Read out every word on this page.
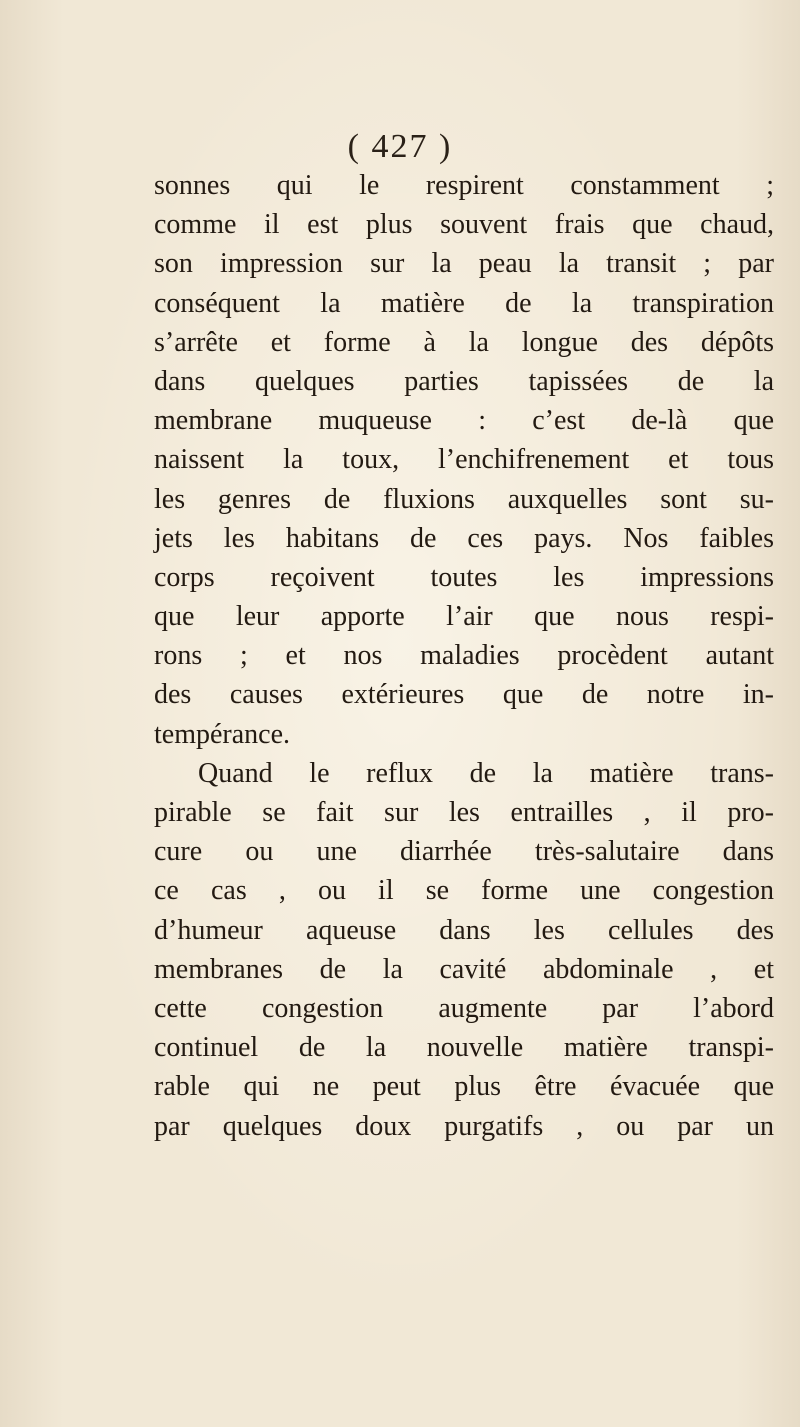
( 427 )
sonnes qui le respirent constamment ;
comme il est plus souvent frais que chaud,
son impression sur la peau la transit ; par
conséquent la matière de la transpiration
s’arrête et forme à la longue des dépôts
dans quelques parties tapissées de la
membrane muqueuse : c’est de-là que
naissent la toux, l’enchifrenement et tous
les genres de fluxions auxquelles sont su-
jets les habitans de ces pays. Nos faibles
corps reçoivent toutes les impressions
que leur apporte l’air que nous respi-
rons ; et nos maladies procèdent autant
des causes extérieures que de notre in-
tempérance.
Quand le reflux de la matière trans-
pirable se fait sur les entrailles , il pro-
cure ou une diarrhée très-salutaire dans
ce cas , ou il se forme une congestion
d’humeur aqueuse dans les cellules des
membranes de la cavité abdominale , et
cette congestion augmente par l’abord
continuel de la nouvelle matière transpi-
rable qui ne peut plus être évacuée que
par quelques doux purgatifs , ou par un
